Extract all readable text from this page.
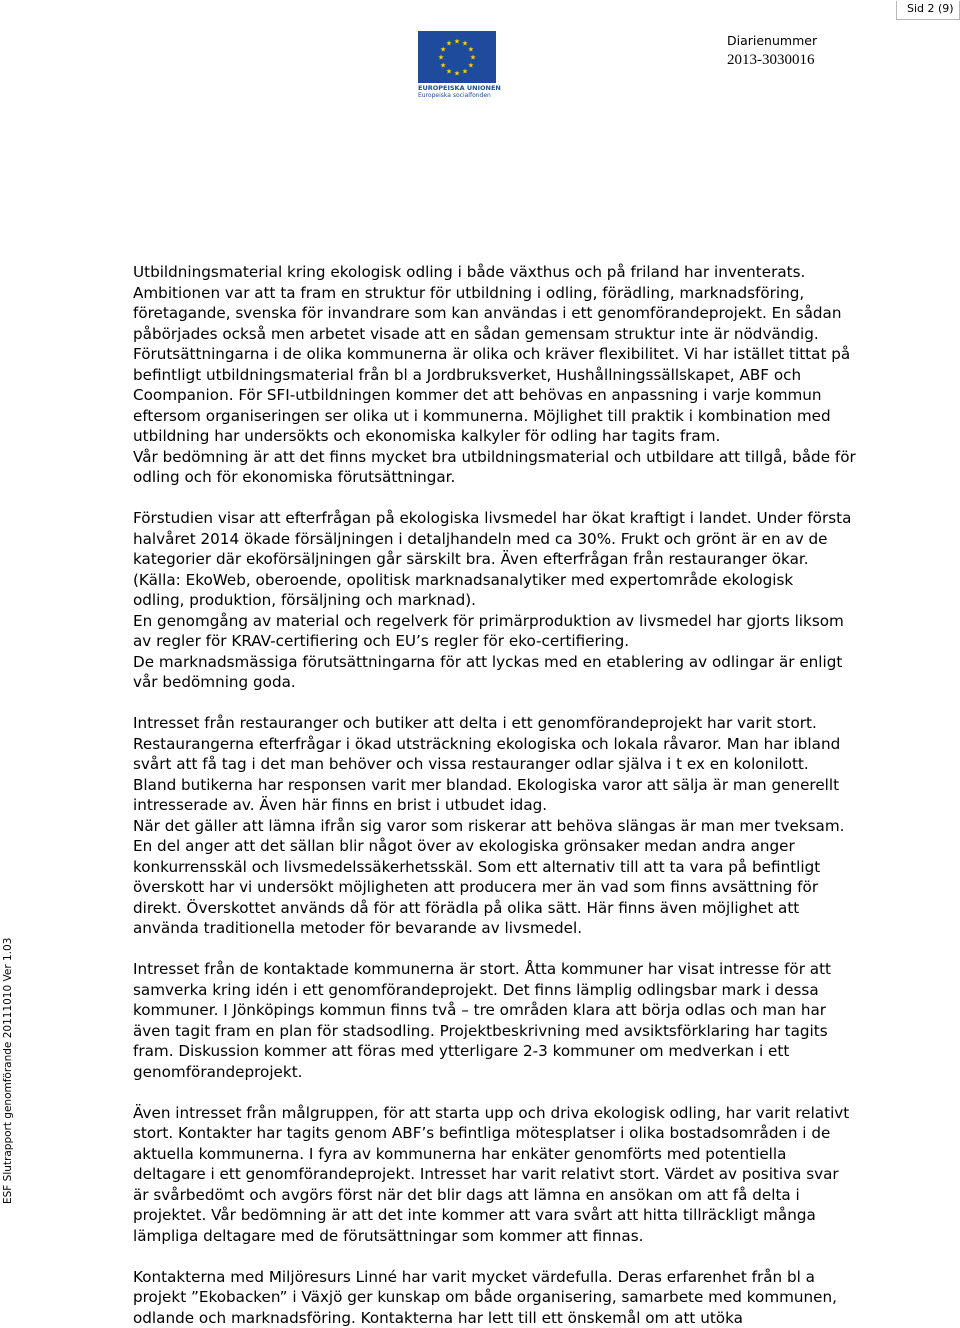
Sid 2 (9)
ESF Slutrapport genomförande 20111010 Ver 1.03
★ ★
★
★
★
★
★
★
★
★
★
★
EUROPEISKA UNIONEN
Europeiska socialfonden
Diarienummer
2013-3030016

Utbildningsmaterial kring ekologisk odling i både växthus och på friland har inventerats.

Ambitionen var att ta fram en struktur för utbildning i odling, förädling, marknadsföring,

företagande, svenska för invandrare som kan användas i ett genomförandeprojekt. En sådan

påbörjades också men arbetet visade att en sådan gemensam struktur inte är nödvändig.

Förutsättningarna i de olika kommunerna är olika och kräver flexibilitet. Vi har istället tittat på

befintligt utbildningsmaterial från bl a Jordbruksverket, Hushållningssällskapet, ABF och

Coompanion. För SFI-utbildningen kommer det att behövas en anpassning i varje kommun

eftersom organiseringen ser olika ut i kommunerna. Möjlighet till praktik i kombination med

utbildning har undersökts och ekonomiska kalkyler för odling har tagits fram.

Vår bedömning är att det finns mycket bra utbildningsmaterial och utbildare att tillgå, både för

odling och för ekonomiska förutsättningar.

Förstudien visar att efterfrågan på ekologiska livsmedel har ökat kraftigt i landet. Under första

halvåret 2014 ökade försäljningen i detaljhandeln med ca 30%. Frukt och grönt är en av de

kategorier där ekoförsäljningen går särskilt bra. Även efterfrågan från restauranger ökar.

(Källa: EkoWeb, oberoende, opolitisk marknadsanalytiker med expertområde ekologisk

odling, produktion, försäljning och marknad).

En genomgång av material och regelverk för primärproduktion av livsmedel har gjorts liksom

av regler för KRAV-certifiering och EU’s regler för eko-certifiering.

De marknadsmässiga förutsättningarna för att lyckas med en etablering av odlingar är enligt

vår bedömning goda.

Intresset från restauranger och butiker att delta i ett genomförandeprojekt har varit stort.

Restaurangerna efterfrågar i ökad utsträckning ekologiska och lokala råvaror. Man har ibland

svårt att få tag i det man behöver och vissa restauranger odlar själva i t ex en kolonilott.

Bland butikerna har responsen varit mer blandad. Ekologiska varor att sälja är man generellt

intresserade av. Även här finns en brist i utbudet idag.

När det gäller att lämna ifrån sig varor som riskerar att behöva slängas är man mer tveksam.

En del anger att det sällan blir något över av ekologiska grönsaker medan andra anger

konkurrensskäl och livsmedelssäkerhetsskäl. Som ett alternativ till att ta vara på befintligt

överskott har vi undersökt möjligheten att producera mer än vad som finns avsättning för

direkt. Överskottet används då för att förädla på olika sätt. Här finns även möjlighet att

använda traditionella metoder för bevarande av livsmedel.

Intresset från de kontaktade kommunerna är stort. Åtta kommuner har visat intresse för att

samverka kring idén i ett genomförandeprojekt. Det finns lämplig odlingsbar mark i dessa

kommuner. I Jönköpings kommun finns två – tre områden klara att börja odlas och man har

även tagit fram en plan för stadsodling. Projektbeskrivning med avsiktsförklaring har tagits

fram. Diskussion kommer att föras med ytterligare 2-3 kommuner om medverkan i ett

genomförandeprojekt.

Även intresset från målgruppen, för att starta upp och driva ekologisk odling, har varit relativt

stort. Kontakter har tagits genom ABF’s befintliga mötesplatser i olika bostadsområden i de

aktuella kommunerna. I fyra av kommunerna har enkäter genomförts med potentiella

deltagare i ett genomförandeprojekt. Intresset har varit relativt stort. Värdet av positiva svar

är svårbedömt och avgörs först när det blir dags att lämna en ansökan om att få delta i

projektet. Vår bedömning är att det inte kommer att vara svårt att hitta tillräckligt många

lämpliga deltagare med de förutsättningar som kommer att finnas.

Kontakterna med Miljöresurs Linné har varit mycket värdefulla. Deras erfarenhet från bl a

projekt ”Ekobacken” i Växjö ger kunskap om både organisering, samarbete med kommunen,

odlande och marknadsföring. Kontakterna har lett till ett önskemål om att utöka
